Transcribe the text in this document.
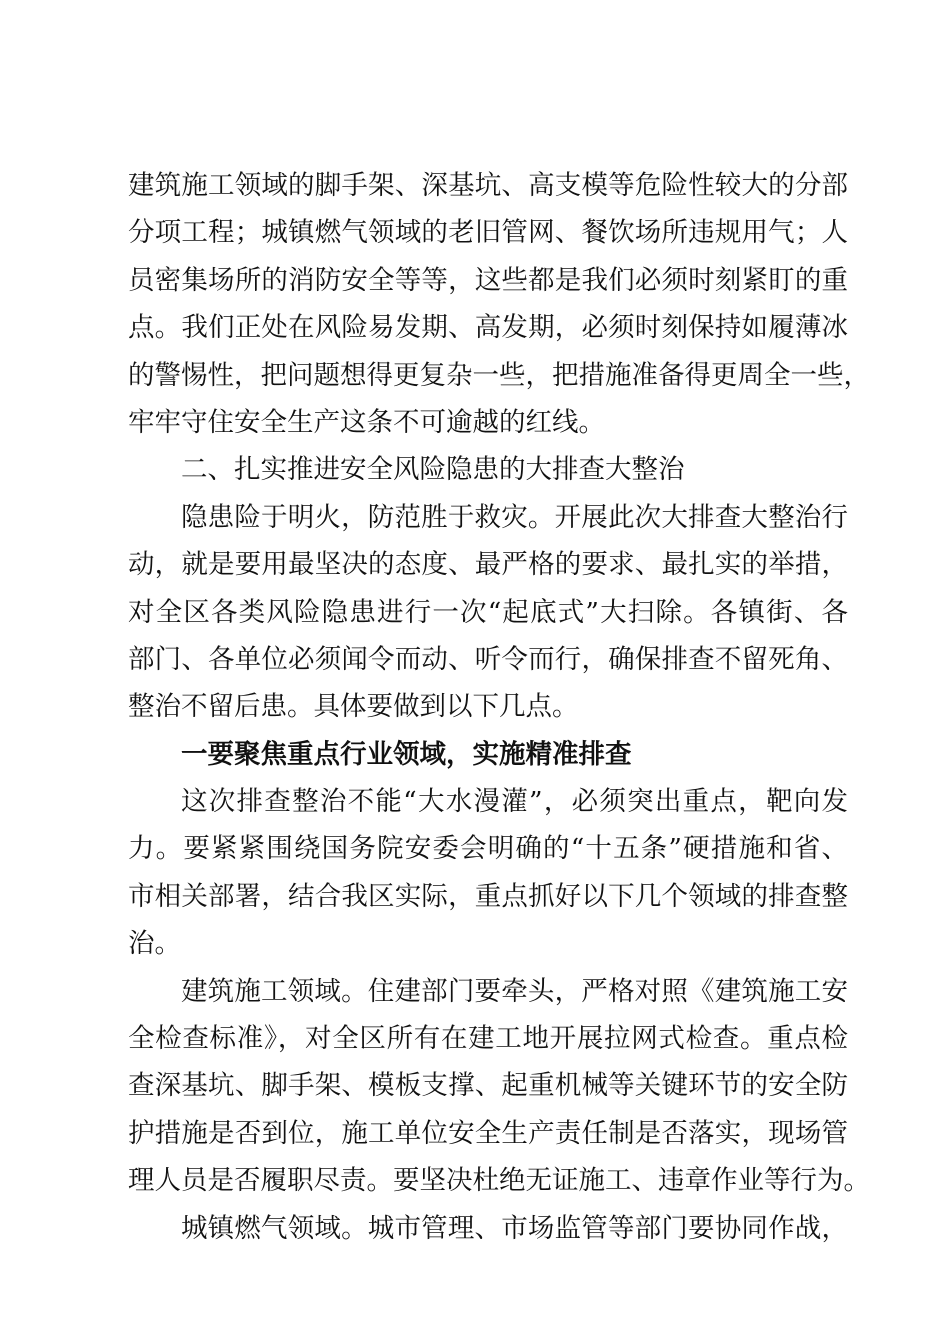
建筑施工领域的脚手架、深基坑、高支模等危险性较大的分部
分项工程；城镇燃气领域的老旧管网、餐饮场所违规用气；人
员密集场所的消防安全等等，这些都是我们必须时刻紧盯的重
点。我们正处在风险易发期、高发期，必须时刻保持如履薄冰
的警惕性，把问题想得更复杂一些，把措施准备得更周全一些，
牢牢守住安全生产这条不可逾越的红线。
二、扎实推进安全风险隐患的大排查大整治
隐患险于明火，防范胜于救灾。开展此次大排查大整治行
动，就是要用最坚决的态度、最严格的要求、最扎实的举措，
对全区各类风险隐患进行一次“起底式”大扫除。各镇街、各
部门、各单位必须闻令而动、听令而行，确保排查不留死角、
整治不留后患。具体要做到以下几点。
一要聚焦重点行业领域，实施精准排查
这次排查整治不能“大水漫灌”，必须突出重点，靶向发
力。要紧紧围绕国务院安委会明确的“十五条”硬措施和省、
市相关部署，结合我区实际，重点抓好以下几个领域的排查整
治。
建筑施工领域。住建部门要牵头，严格对照《建筑施工安
全检查标准》，对全区所有在建工地开展拉网式检查。重点检
查深基坑、脚手架、模板支撑、起重机械等关键环节的安全防
护措施是否到位，施工单位安全生产责任制是否落实，现场管
理人员是否履职尽责。要坚决杜绝无证施工、违章作业等行为。
城镇燃气领域。城市管理、市场监管等部门要协同作战，
